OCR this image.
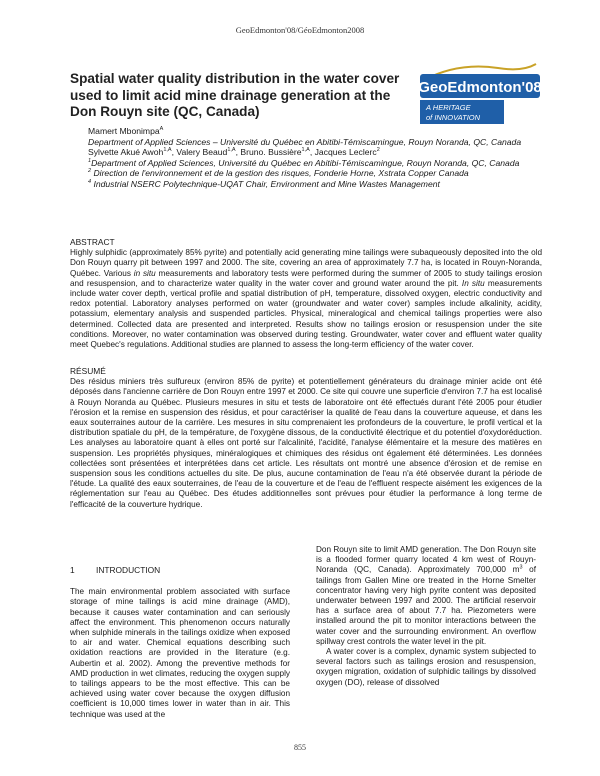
GeoEdmonton'08/GéoEdmonton2008
Spatial water quality distribution in the water cover used to limit acid mine drainage generation at the Don Rouyn site (QC, Canada)
GeoEdmonton'08
A HERITAGE
of INNOVATION
Mamert Mbonimpa$^A$
Department of Applied Sciences – Université du Québec en Abitibi-Témiscamingue, Rouyn Noranda, QC, Canada
Sylvette Akué Awoh$^{1,A}$, Valery Beaud$^{1,A}$, Bruno. Bussière$^{1,A}$, Jacques Leclerc$^2$
$^1$Department of Applied Sciences, Université du Québec en Abitibi-Témiscamingue, Rouyn Noranda, QC, Canada
$^2$ Direction de l'environnement et de la gestion des risques, Fonderie Horne, Xstrata Copper Canada
$^4$ Industrial NSERC Polytechnique-UQAT Chair, Environment and Mine Wastes Management
ABSTRACT

Highly sulphidic (approximately 85% pyrite) and potentially acid generating mine tailings were subaqueously deposited into the old Don Rouyn quarry pit between 1997 and 2000. The site, covering an area of approximately 7.7 ha, is located in Rouyn-Noranda, Québec. Various in situ measurements and laboratory tests were performed during the summer of 2005 to study tailings erosion and resuspension, and to characterize water quality in the water cover and ground water around the pit. In situ measurements include water cover depth, vertical profile and spatial distribution of pH, temperature, dissolved oxygen, electric conductivity and redox potential. Laboratory analyses performed on water (groundwater and water cover) samples include alkalinity, acidity, potassium, elementary analysis and suspended particles. Physical, mineralogical and chemical tailings properties were also determined. Collected data are presented and interpreted. Results show no tailings erosion or resuspension under the site conditions. Moreover, no water contamination was observed during testing. Groundwater, water cover and effluent water quality meet Quebec's regulations. Additional studies are planned to assess the long-term efficiency of the water cover.

RÉSUMÉ

Des résidus miniers très sulfureux (environ 85% de pyrite) et potentiellement générateurs du drainage minier acide ont été déposés dans l'ancienne carrière de Don Rouyn entre 1997 et 2000. Ce site qui couvre une superficie d'environ 7.7 ha est localisé à Rouyn Noranda au Québec. Plusieurs mesures in situ et tests de laboratoire ont été effectués durant l'été 2005 pour étudier l'érosion et la remise en suspension des résidus, et pour caractériser la qualité de l'eau dans la couverture aqueuse, et dans les eaux souterraines autour de la carrière. Les mesures in situ comprenaient les profondeurs de la couverture, le profil vertical et la distribution spatiale du pH, de la température, de l'oxygène dissous, de la conductivité électrique et du potentiel d'oxydoréduction. Les analyses au laboratoire quant à elles ont porté sur l'alcalinité, l'acidité, l'analyse élémentaire et la mesure des matières en suspension. Les propriétés physiques, minéralogiques et chimiques des résidus ont également été déterminées. Les données collectées sont présentées et interprétées dans cet article. Les résultats ont montré une absence d'érosion et de remise en suspension sous les conditions actuelles du site. De plus, aucune contamination de l'eau n'a été observée durant la période de l'étude. La qualité des eaux souterraines, de l'eau de la couverture et de l'eau de l'effluent respecte aisément les exigences de la réglementation sur l'eau au Québec. Des études additionnelles sont prévues pour étudier la performance à long terme de l'efficacité de la couverture hydrique.

1	INTRODUCTION

The main environmental problem associated with surface storage of mine tailings is acid mine drainage (AMD), because it causes water contamination and can seriously affect the environment. This phenomenon occurs naturally when sulphide minerals in the tailings oxidize when exposed to air and water. Chemical equations describing such oxidation reactions are provided in the literature (e.g. Aubertin et al. 2002). Among the preventive methods for AMD production in wet climates, reducing the oxygen supply to tailings appears to be the most effective. This can be achieved using water cover because the oxygen diffusion coefficient is 10,000 times lower in water than in air. This technique was used at the

Don Rouyn site to limit AMD generation. The Don Rouyn site is a flooded former quarry located 4 km west of Rouyn-Noranda (QC, Canada). Approximately 700,000 $m^3$ of tailings from Gallen Mine ore treated in the Horne Smelter concentrator having very high pyrite content was deposited underwater between 1997 and 2000. The artificial reservoir has a surface area of about 7.7 ha. Piezometers were installed around the pit to monitor interactions between the water cover and the surrounding environment. An overflow spillway crest controls the water level in the pit.

A water cover is a complex, dynamic system subjected to several factors such as tailings erosion and resuspension, oxygen migration, oxidation of sulphidic tailings by dissolved oxygen (DO), release of dissolved

855
